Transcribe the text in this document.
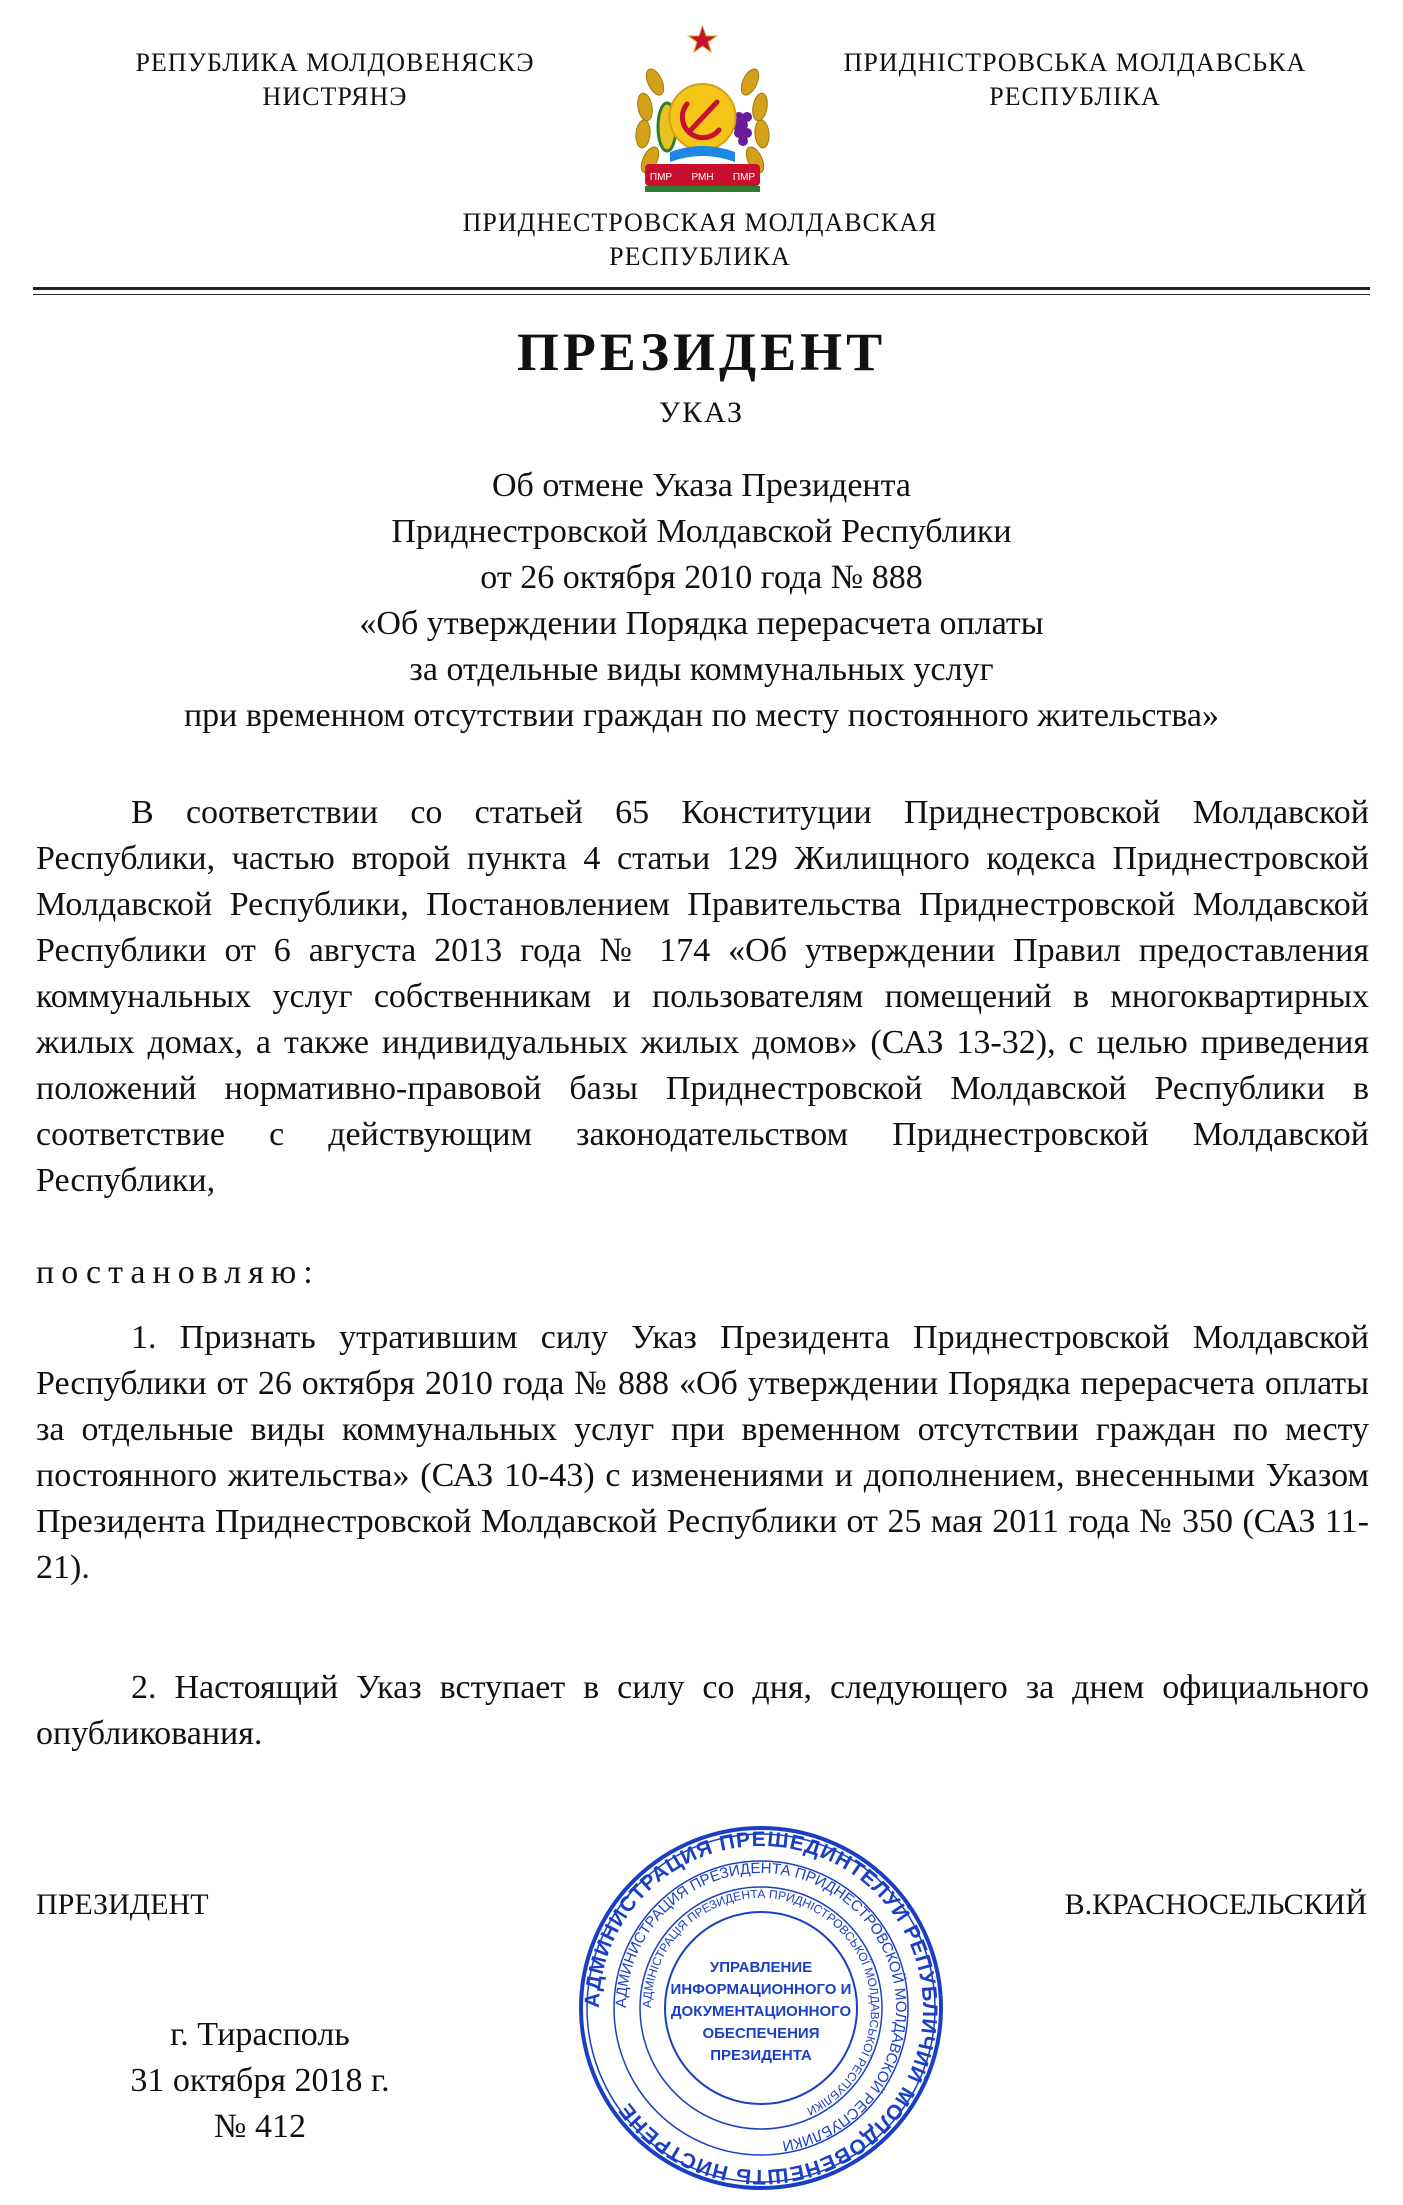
РЕПУБЛИКА МОЛДОВЕНЯСКЭ
НИСТРЯНЭ
ПМР РМН ПМР
ПРИДНІСТРОВСЬКА МОЛДАВСЬКА
РЕСПУБЛІКА
ПРИДНЕСТРОВСКАЯ МОЛДАВСКАЯ
РЕСПУБЛИКА
ПРЕЗИДЕНТ
УКАЗ
Об отмене Указа Президента
Приднестровской Молдавской Республики
от 26 октября 2010 года № 888
«Об утверждении Порядка перерасчета оплаты
за отдельные виды коммунальных услуг
при временном отсутствии граждан по месту постоянного жительства»

В соответствии со статьей 65 Конституции Приднестровской Молдавской Республики, частью второй пункта 4 статьи 129 Жилищного кодекса Приднестровской Молдавской Республики, Постановлением Правительства Приднестровской Молдавской Республики от 6 августа 2013 года № 174 «Об утверждении Правил предоставления коммунальных услуг собственникам и пользователям помещений в многоквартирных жилых домах, а также индивидуальных жилых домов» (САЗ 13-32), с целью приведения положений нормативно-правовой базы Приднестровской Молдавской Республики в соответствие с действующим законодательством Приднестровской Молдавской Республики,

постановляю:

1. Признать утратившим силу Указ Президента Приднестровской Молдавской Республики от 26 октября 2010 года № 888 «Об утверждении Порядка перерасчета оплаты за отдельные виды коммунальных услуг при временном отсутствии граждан по месту постоянного жительства» (САЗ 10-43) с изменениями и дополнением, внесенными Указом Президента Приднестровской Молдавской Республики от 25 мая 2011 года № 350 (САЗ 11-21).

2. Настоящий Указ вступает в силу со дня, следующего за днем официального опубликования.

ПРЕЗИДЕНТ	В.КРАСНОСЕЛЬСКИЙ
г. Тирасполь
31 октября 2018 г.
№ 412
АДМИНИСТРАЦИЯ ПРЕШЕДИНТЕЛУЙ РЕПУБЛИЧИЙ МОЛДОВЕНЕШТЬ НИСТРЕНЕ
АДМИНИСТРАЦИЯ ПРЕЗИДЕНТА ПРИДНЕСТРОВСКОЙ МОЛДАВСКОЙ РЕСПУБЛИКИ
АДМІНІСТРАЦІЯ ПРЕЗИДЕНТА ПРИДНІСТРОВСЬКОЇ МОЛДАВСЬКОЇ РЕСПУБЛІКИ
УПРАВЛЕНИЕ
ИНФОРМАЦИОННОГО И
ДОКУМЕНТАЦИОННОГО
ОБЕСПЕЧЕНИЯ
ПРЕЗИДЕНТА
